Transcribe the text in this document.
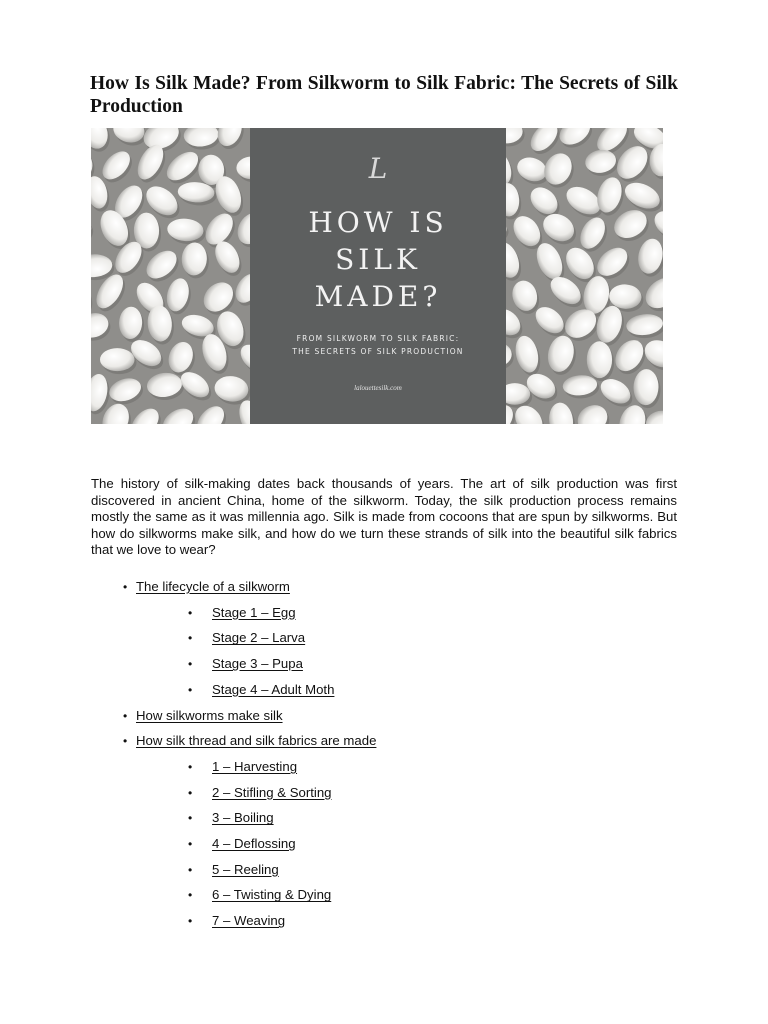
How Is Silk Made? From Silkworm to Silk Fabric: The Secrets of Silk Production
L
HOW IS
SILK
MADE?
FROM SILKWORM TO SILK FABRIC:
THE SECRETS OF SILK PRODUCTION
lalouettesilk.com

The history of silk-making dates back thousands of years. The art of silk production was first discovered in ancient China, home of the silkworm. Today, the silk production process remains mostly the same as it was millennia ago. Silk is made from cocoons that are spun by silkworms. But how do silkworms make silk, and how do we turn these strands of silk into the beautiful silk fabrics that we love to wear?

• The lifecycle of a silkworm
• Stage 1 – Egg
• Stage 2 – Larva
• Stage 3 – Pupa
• Stage 4 – Adult Moth
• How silkworms make silk
• How silk thread and silk fabrics are made
• 1 – Harvesting
• 2 – Stifling & Sorting
• 3 – Boiling
• 4 – Deflossing
• 5 – Reeling
• 6 – Twisting & Dying
• 7 – Weaving
